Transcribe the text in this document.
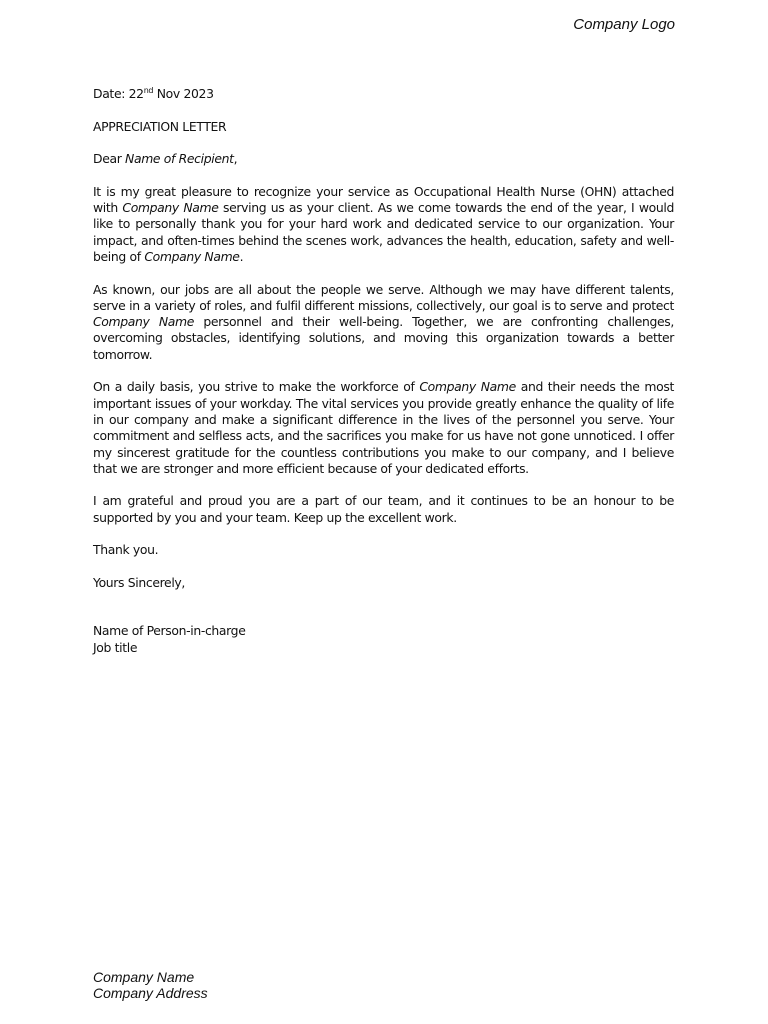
Company Logo

Date: 22nd Nov 2023

APPRECIATION LETTER

Dear Name of Recipient,

It is my great pleasure to recognize your service as Occupational Health Nurse (OHN) attached with Company Name serving us as your client. As we come towards the end of the year, I would like to personally thank you for your hard work and dedicated service to our organization. Your impact, and often-times behind the scenes work, advances the health, education, safety and well-being of Company Name.

As known, our jobs are all about the people we serve. Although we may have different talents, serve in a variety of roles, and fulfil different missions, collectively, our goal is to serve and protect Company Name personnel and their well-being. Together, we are confronting challenges, overcoming obstacles, identifying solutions, and moving this organization towards a better tomorrow.

On a daily basis, you strive to make the workforce of Company Name and their needs the most important issues of your workday. The vital services you provide greatly enhance the quality of life in our company and make a significant difference in the lives of the personnel you serve. Your commitment and selfless acts, and the sacrifices you make for us have not gone unnoticed. I offer my sincerest gratitude for the countless contributions you make to our company, and I believe that we are stronger and more efficient because of your dedicated efforts.

I am grateful and proud you are a part of our team, and it continues to be an honour to be supported by you and your team. Keep up the excellent work.

Thank you.

Yours Sincerely,

Name of Person-in-charge
Job title
Company Name
Company Address
